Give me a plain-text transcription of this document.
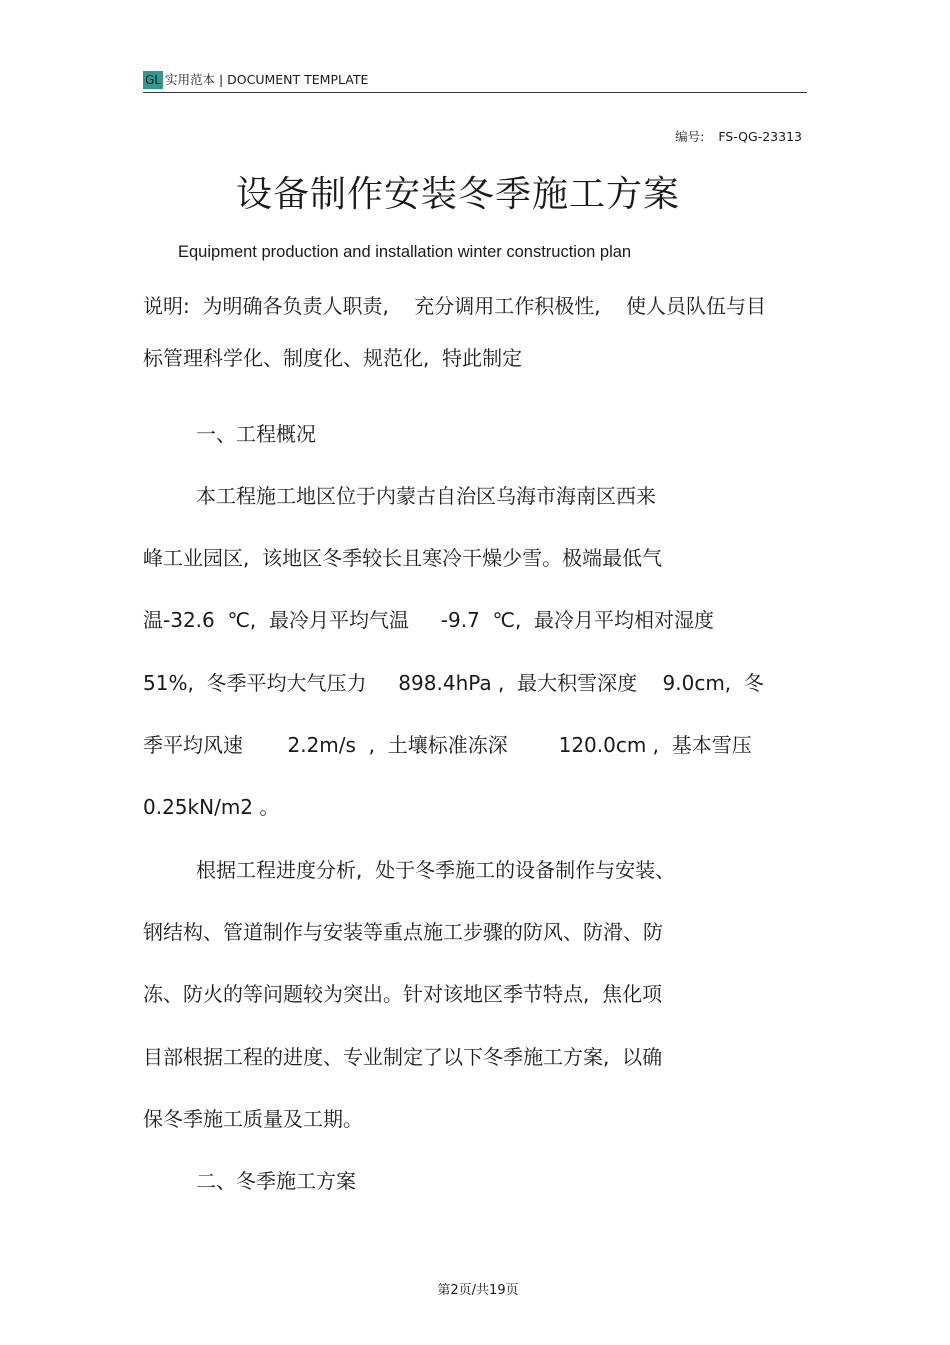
GL 实用范本 | DOCUMENT TEMPLATE
编号: FS-QG-23313
设备制作安装冬季施工方案
Equipment production and installation winter construction plan
说明:  为明确各负责人职责,    充分调用工作积极性,    使人员队伍与目
标管理科学化、制度化、规范化,  特此制定
一、工程概况
本工程施工地区位于内蒙古自治区乌海市海南区西来
峰工业园区,  该地区冬季较长且寒冷干燥少雪。极端最低气
温-32.6  ℃,  最冷月平均气温     -9.7  ℃,  最冷月平均相对湿度
51%,  冬季平均大气压力     898.4hPa ,  最大积雪深度    9.0cm,  冬
季平均风速       2.2m/s  ,  土壤标准冻深        120.0cm ,  基本雪压
0.25kN/m2 。
根据工程进度分析,  处于冬季施工的设备制作与安装、
钢结构、管道制作与安装等重点施工步骤的防风、防滑、防
冻、防火的等问题较为突出。针对该地区季节特点,  焦化项
目部根据工程的进度、专业制定了以下冬季施工方案,  以确
保冬季施工质量及工期。
二、冬季施工方案
第2页/共19页
